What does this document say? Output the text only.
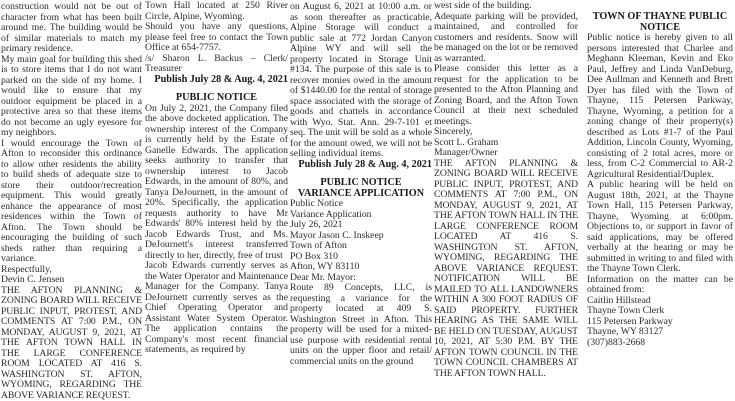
construction would not be out of character from what has been built around me. The building would be of similar materials to match my primary residence.

My main goal for building this shed is to store items that I do not want parked on the side of my home. I would like to ensure that my outdoor equipment be placed in a protective area so that these items do not become an ugly eyesore for my neighbors.

I would encourage the Town of Afton to reconsider this ordinance to allow other residents the ability to build sheds of adequate size to store their outdoor/recreation equipment. This would greatly enhance the appearance of most residences within the Town of Afton. The Town should be encouraging the building of such sheds rather than requiring a variance.

Respectfully,

Devin C. Jensen

THE AFTON PLANNING & ZONING BOARD WILL RECEIVE PUBLIC INPUT, PROTEST, AND COMMENTS AT 7:00 P.M., ON MONDAY, AUGUST 9, 2021, AT THE AFTON TOWN HALL IN THE LARGE CONFERENCE ROOM LOCATED AT 416 S. WASHINGTON ST. AFTON, WYOMING, REGARDING THE ABOVE VARIANCE REQUEST.

Town Hall located at 250 River Circle, Alpine, Wyoming.

Should you have any questions, please feel free to contact the Town Office at 654-7757.

/s/ Sharon L. Backus – Clerk/ Treasurer

Publish July 28 & Aug. 4, 2021

PUBLIC NOTICE

On July 2, 2021, the Company filed the above docketed application. The ownership interest of the Company is currently held by the Estate of Ganelle Edwards. The application seeks authority to transfer that ownership interest to Jacob Edwards, in the amount of 80%, and Tanya DeJournett, in the amount of 20%. Specifically, the application requests authority to have Mr Edwards' 80% interest held by the Jacob Edwards Trust, and Ms. DeJournett's interest transferred directly to her, directly, free of trust

Jacob Edwards currently serves as the Water Operator and Maintenance Manager for the Company. Tanya DeJournett currently serves as the Chief Operating Operator and Assistant Water System Operator. The application contains the Company's most recent financial statements, as required by

on August 6, 2021 at 10:00 a.m. or as soon thereafter as practicable, Alpine Storage will conduct a public sale at 772 Jordan Canyon Alpine WY and will sell the property located in Storage Unit #134. The purpose of this sale is to recover monies owed in the amount of $1440.00 for the rental of storage space associated with the storage of goods and chattels in accordance with Wyo. Stat. Ann. 29-7-101 et seq. The unit will be sold as a whole for the amount owed, we will not be selling individual items.

Publish July 28 & Aug. 4, 2021

PUBLIC NOTICE

VARIANCE APPLICATION

Public Notice

Variance Application

July 26, 2021

Mayor Jason C. Inskeep

Town of Afton

PO Box 310

Afton, WY 83110

Dear Mr. Mayor:

Route 89 Concepts, LLC, is requesting a variance for the property located at 409 S. Washington Street in Afton. This property will be used for a mixed-use purpose with residential rental units on the upper floor and retail/ commercial units on the ground

west side of the building.

Adequate parking will be provided, maintained, and controlled for customers and residents. Snow will be managed on the lot or be removed as warranted.

Please consider this letter as a request for the application to be presented to the Afton Planning and Zoning Board, and the Afton Town Council at their next scheduled meetings.

Sincerely,

Scott L. Graham

Manager/Owner

THE AFTON PLANNING & ZONING BOARD WILL RECEIVE PUBLIC INPUT, PROTEST, AND COMMENTS AT 7:00 P.M., ON MONDAY, AUGUST 9, 2021, AT THE AFTON TOWN HALL IN THE LARGE CONFERENCE ROOM LOCATED AT 416 S. WASHINGTON ST. AFTON, WYOMING, REGARDING THE ABOVE VARIANCE REQUEST. NOTIFICATION WILL BE MAILED TO ALL LANDOWNERS WITHIN A 300 FOOT RADIUS OF SAID PROPERTY. FURTHER HEARING AS THE SAME WILL BE HELD ON TUESDAY, AUGUST 10, 2021, AT 5:30 P.M. BY THE AFTON TOWN COUNCIL IN THE TOWN COUNCIL CHAMBERS AT THE AFTON TOWN HALL.

TOWN OF THAYNE PUBLIC NOTICE

Public notice is hereby given to all persons interested that Charlee and Meghann Kleeman, Kevin and Eko Paul, Jeffrey and Linda VanDeburg, Dee Aullman and Kenneth and Brett Dyer has filed with the Town of Thayne, 115 Petersen Parkway, Thayne, Wyoming, a petition for a zoning change of their property(s) described as Lots #1-7 of the Paul Addition, Lincoln County, Wyoming, consisting of 2 total acres, more or less, from C-2 Commercial to AR-2 Agricultural Residential/Duplex.

A public hearing will be held on August 18th, 2021, at the Thayne Town Hall, 115 Petersen Parkway, Thayne, Wyoming at 6:00pm. Objections to, or support in favor of said applications, may be offered verbally at the hearing or may be submitted in writing to and filed with the Thayne Town Clerk.

Information on the matter can be obtained from:

Caitlin Hillstead

Thayne Town Clerk

115 Petersen Parkway

Thayne, WY 83127

(307)883-2668
